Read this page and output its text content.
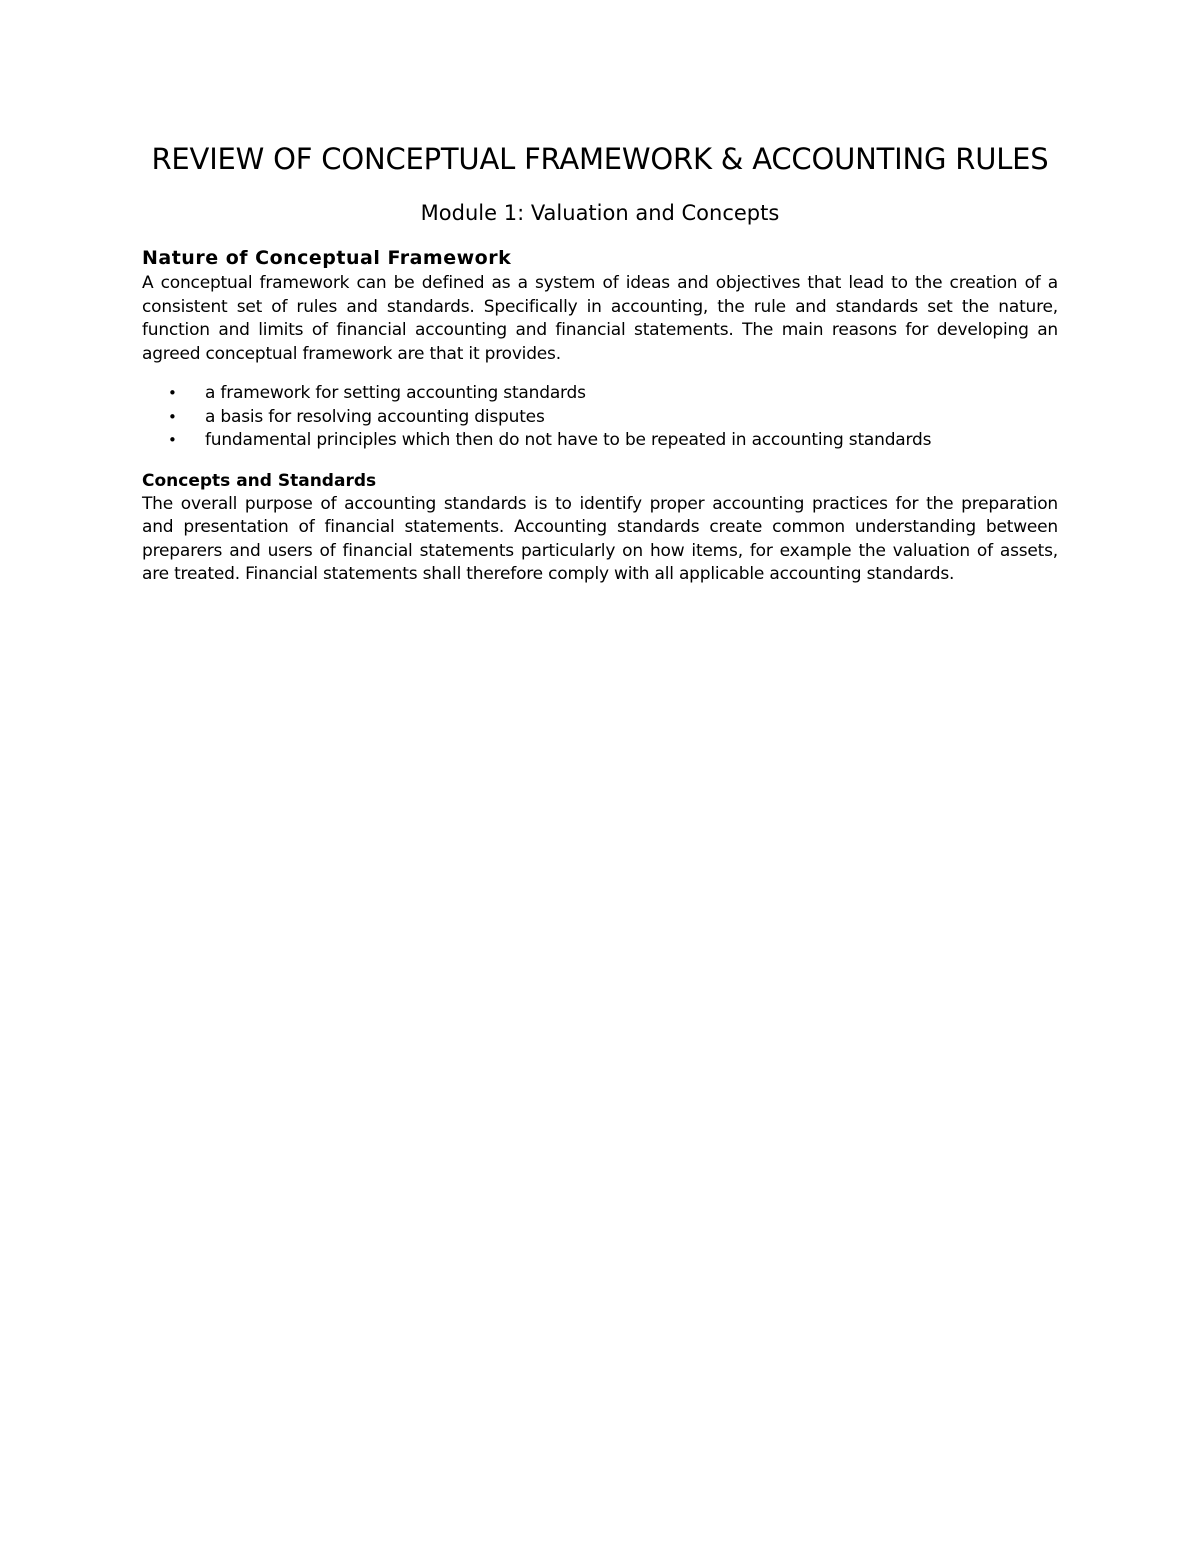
REVIEW OF CONCEPTUAL FRAMEWORK & ACCOUNTING RULES
Module 1: Valuation and Concepts
Nature of Conceptual Framework

A conceptual framework can be defined as a system of ideas and objectives that lead to the creation of a consistent set of rules and standards. Specifically in accounting, the rule and standards set the nature, function and limits of financial accounting and financial statements. The main reasons for developing an agreed conceptual framework are that it provides.

• a framework for setting accounting standards
• a basis for resolving accounting disputes
• fundamental principles which then do not have to be repeated in accounting standards
Concepts and Standards

The overall purpose of accounting standards is to identify proper accounting practices for the preparation and presentation of financial statements. Accounting standards create common understanding between preparers and users of financial statements particularly on how items, for example the valuation of assets, are treated. Financial statements shall therefore comply with all applicable accounting standards.
